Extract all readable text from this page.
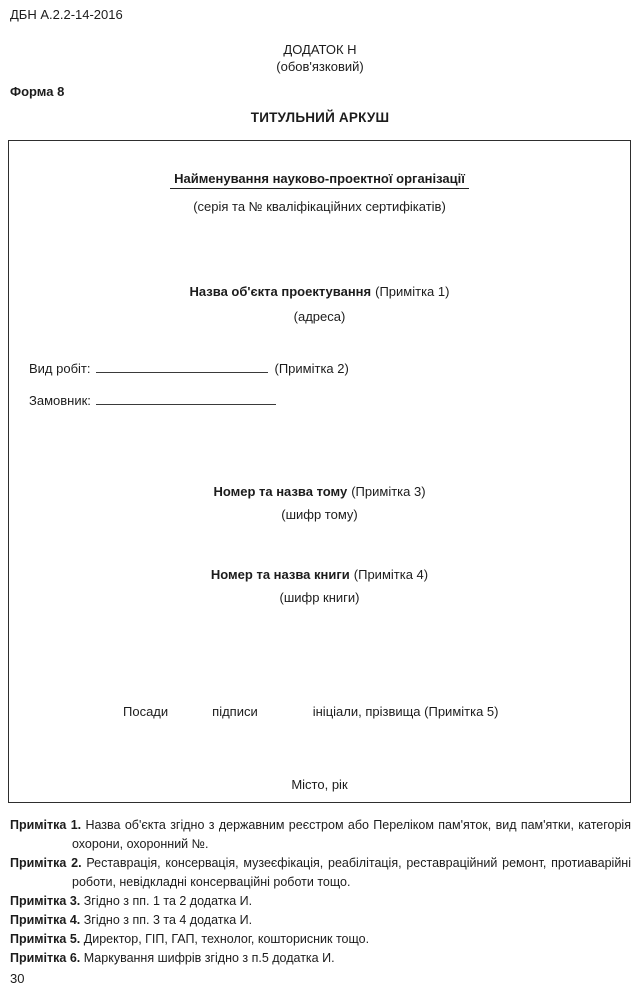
ДБН А.2.2-14-2016
ДОДАТОК Н
(обов'язковий)
Форма 8
ТИТУЛЬНИЙ АРКУШ
Найменування науково-проектної організації
(серія та № кваліфікаційних сертифікатів)
Назва об'єкта проектування (Примітка 1)
(адреса)
Вид робіт:	(Примітка 2)
Замовник:
Номер та назва тому (Примітка 3)
(шифр тому)
Номер та назва книги (Примітка 4)
(шифр книги)
Посади	підписи	ініціали, прізвища (Примітка 5)
Місто, рік
Примітка 1. Назва об'єкта згідно з державним реєстром або Переліком пам'яток, вид пам'ятки, категорія охорони, охоронний №.
Примітка 2. Реставрація, консервація, музеєфікація, реабілітація, реставраційний ремонт, протиаварійні роботи, невідкладні консерваційні роботи тощо.
Примітка 3. Згідно з пп. 1 та 2 додатка И.
Примітка 4. Згідно з пп. 3 та 4 додатка И.
Примітка 5. Директор, ГІП, ГАП, технолог, кошторисник тощо.
Примітка 6. Маркування шифрів згідно з п.5 додатка И.
30
